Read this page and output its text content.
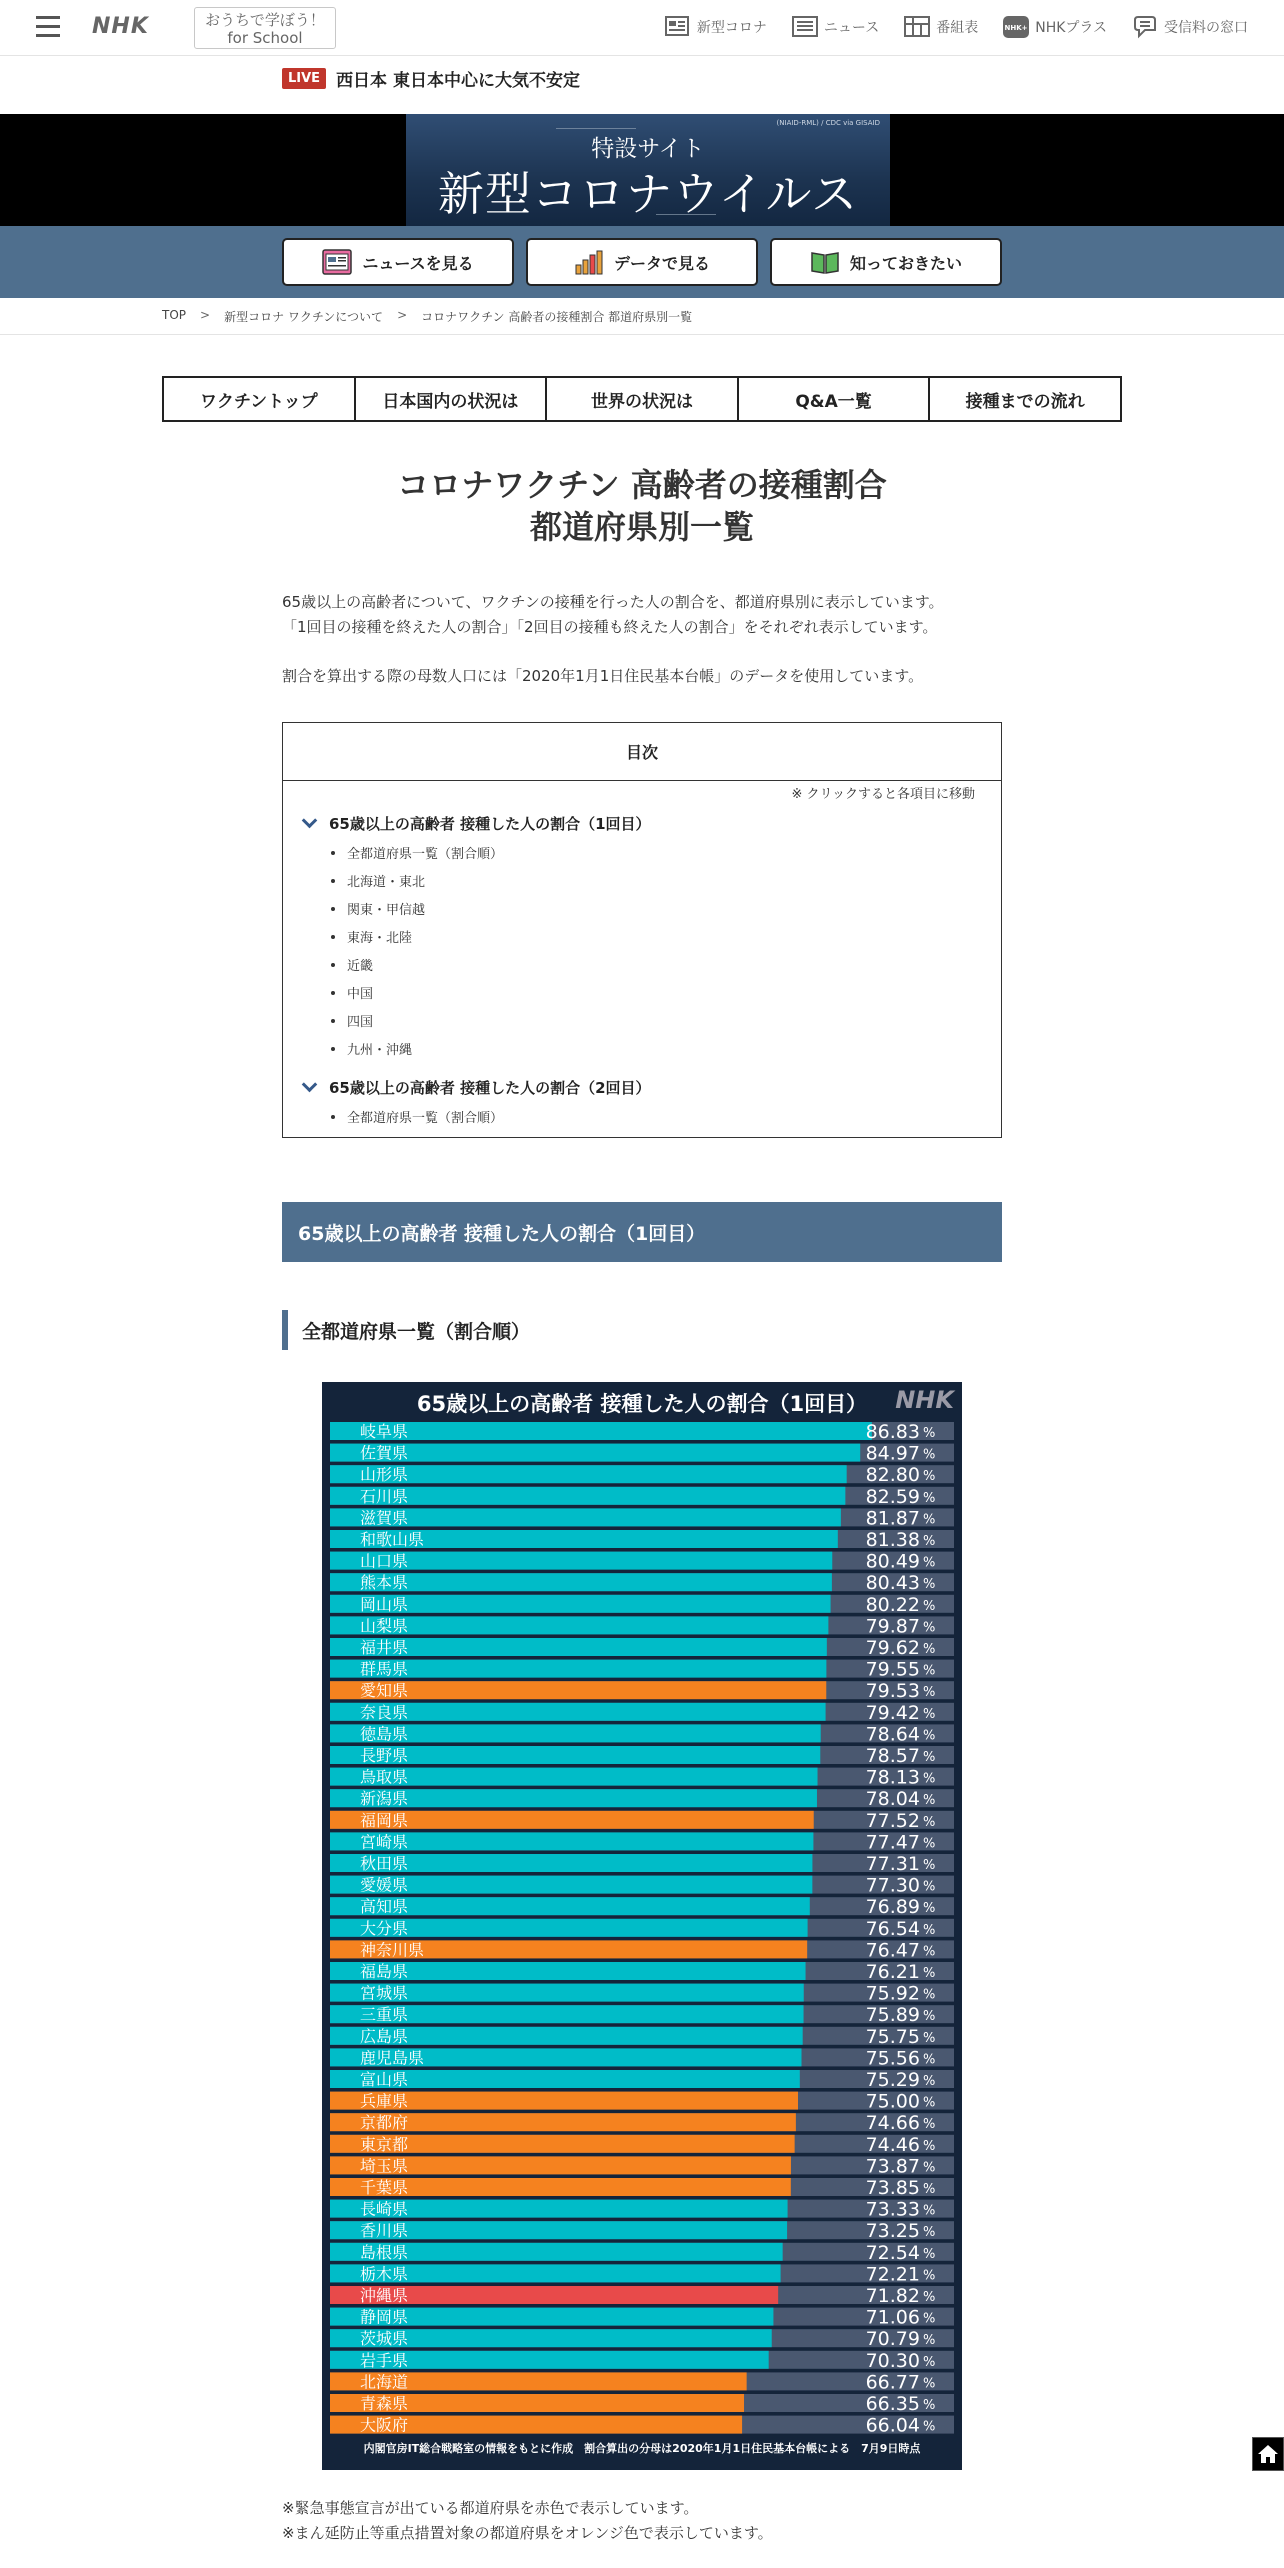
NHK	おうちで学ぼう！
for School
新型コロナ	ニュース	番組表	NHK+ NHKプラス	受信料の窓口
LIVE 西日本 東日本中心に大気不安定
(NIAID-RML) / CDC via GISAID
特設サイト
新型コロナウイルス
ニュースを見る	データで見る	知っておきたい
TOP > 新型コロナ ワクチンについて > コロナワクチン 高齢者の接種割合 都道府県別一覧
ワクチントップ	日本国内の状況は	世界の状況は	Q&A一覧	接種までの流れ
コロナワクチン 高齢者の接種割合
都道府県別一覧
65歳以上の高齢者について、ワクチンの接種を行った人の割合を、都道府県別に表示しています。
「1回目の接種を終えた人の割合」「2回目の接種も終えた人の割合」をそれぞれ表示しています。
割合を算出する際の母数人口には「2020年1月1日住民基本台帳」のデータを使用しています。
目次
※ クリックすると各項目に移動
65歳以上の高齢者 接種した人の割合（1回目）
全都道府県一覧（割合順）
北海道・東北
関東・甲信越
東海・北陸
近畿
中国
四国
九州・沖縄
65歳以上の高齢者 接種した人の割合（2回目）
全都道府県一覧（割合順）
65歳以上の高齢者 接種した人の割合（1回目）
全都道府県一覧（割合順）
岐阜県	86.83 %
佐賀県	84.97 %
山形県	82.80 %
石川県	82.59 %
滋賀県	81.87 %
和歌山県	81.38 %
山口県	80.49 %
熊本県	80.43 %
岡山県	80.22 %
山梨県	79.87 %
福井県	79.62 %
群馬県	79.55 %
愛知県	79.53 %
奈良県	79.42 %
徳島県	78.64 %
長野県	78.57 %
鳥取県	78.13 %
新潟県	78.04 %
福岡県	77.52 %
宮崎県	77.47 %
秋田県	77.31 %
愛媛県	77.30 %
高知県	76.89 %
大分県	76.54 %
神奈川県	76.47 %
福島県	76.21 %
宮城県	75.92 %
三重県	75.89 %
広島県	75.75 %
鹿児島県	75.56 %
富山県	75.29 %
兵庫県	75.00 %
京都府	74.66 %
東京都	74.46 %
埼玉県	73.87 %
千葉県	73.85 %
長崎県	73.33 %
香川県	73.25 %
島根県	72.54 %
栃木県	72.21 %
沖縄県	71.82 %
静岡県	71.06 %
茨城県	70.79 %
岩手県	70.30 %
北海道	66.77 %
青森県	66.35 %
大阪府	66.04 %
65歳以上の高齢者 接種した人の割合（1回目）	NHK
内閣官房IT総合戦略室の情報をもとに作成　割合算出の分母は2020年1月1日住民基本台帳による　7月9日時点
※緊急事態宣言が出ている都道府県を赤色で表示しています。
※まん延防止等重点措置対象の都道府県をオレンジ色で表示しています。
